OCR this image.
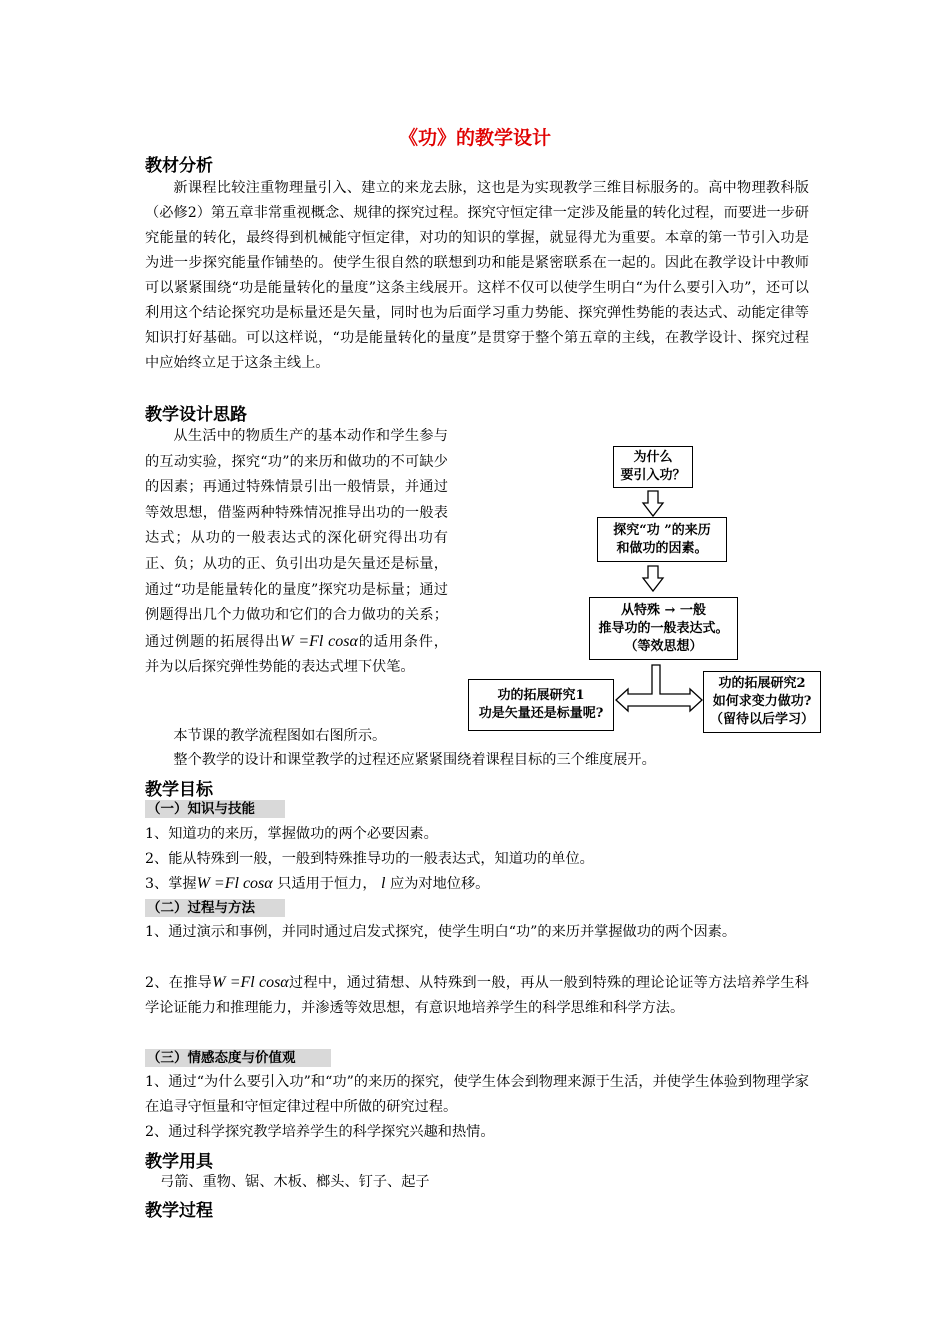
《功》的教学设计
教材分析
新课程比较注重物理量引入、建立的来龙去脉，这也是为实现教学三维目标服务的。高中物理教科版（必修2）第五章非常重视概念、规律的探究过程。探究守恒定律一定涉及能量的转化过程，而要进一步研究能量的转化，最终得到机械能守恒定律，对功的知识的掌握，就显得尤为重要。本章的第一节引入功是为进一步探究能量作铺垫的。使学生很自然的联想到功和能是紧密联系在一起的。因此在教学设计中教师可以紧紧围绕“功是能量转化的量度”这条主线展开。这样不仅可以使学生明白“为什么要引入功”，还可以利用这个结论探究功是标量还是矢量，同时也为后面学习重力势能、探究弹性势能的表达式、动能定律等知识打好基础。可以这样说，“功是能量转化的量度”是贯穿于整个第五章的主线，在教学设计、探究过程中应始终立足于这条主线上。
教学设计思路
从生活中的物质生产的基本动作和学生参与的互动实验，探究“功”的来历和做功的不可缺少的因素；再通过特殊情景引出一般情景，并通过等效思想，借鉴两种特殊情况推导出功的一般表达式；从功的一般表达式的深化研究得出功有正、负；从功的正、负引出功是矢量还是标量，通过“功是能量转化的量度”探究功是标量；通过例题得出几个力做功和它们的合力做功的关系；通过例题的拓展得出W =Fl cosα的适用条件，并为以后探究弹性势能的表达式埋下伏笔。
本节课的教学流程图如右图所示。
整个教学的设计和课堂教学的过程还应紧紧围绕着课程目标的三个维度展开。
为什么
要引入功？
探究“功 ”的来历
和做功的因素。
从特殊 → 一般
推导功的一般表达式。
（等效思想）
功的拓展研究1
功是矢量还是标量呢?
功的拓展研究2
如何求变力做功?
（留待以后学习）
教学目标
（一）知识与技能
1、知道功的来历，掌握做功的两个必要因素。
2、能从特殊到一般，一般到特殊推导功的一般表达式，知道功的单位。
3、掌握W =Fl cosα 只适用于恒力， l 应为对地位移。
（二）过程与方法
1、通过演示和事例，并同时通过启发式探究，使学生明白“功”的来历并掌握做功的两个因素。
2、在推导W =Fl cosα过程中，通过猜想、从特殊到一般，再从一般到特殊的理论论证等方法培养学生科学论证能力和推理能力，并渗透等效思想，有意识地培养学生的科学思维和科学方法。
（三）情感态度与价值观
1、通过“为什么要引入功”和“功”的来历的探究，使学生体会到物理来源于生活，并使学生体验到物理学家在追寻守恒量和守恒定律过程中所做的研究过程。
2、通过科学探究教学培养学生的科学探究兴趣和热情。
教学用具
弓箭、重物、锯、木板、榔头、钉子、起子
教学过程
